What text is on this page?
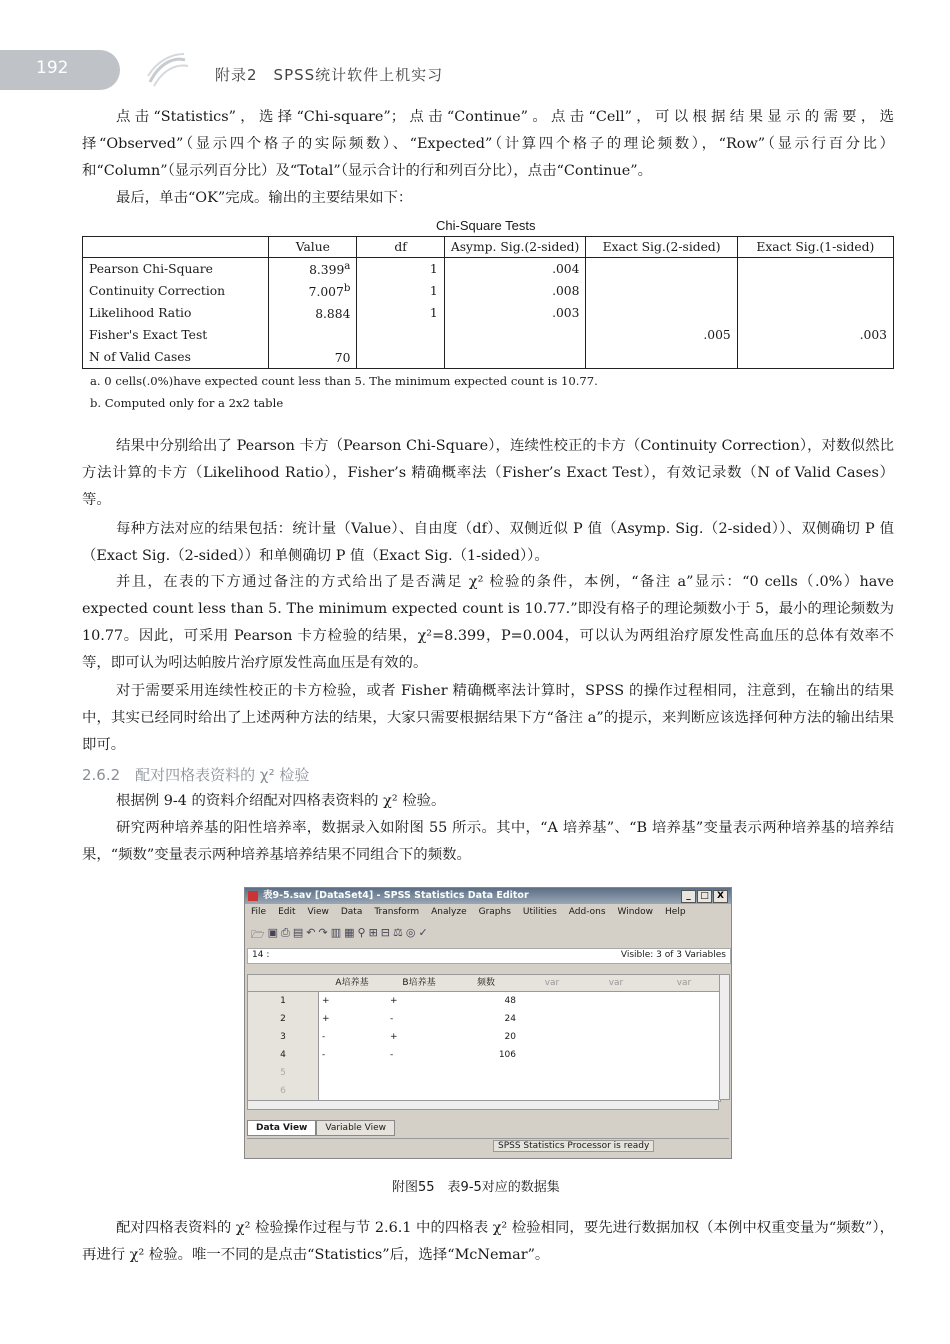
192	附录2　SPSS统计软件上机实习
点击“Statistics”，选择“Chi-square”；点击“Continue”。点击“Cell”，可以根据结果显示的需要，选择“Observed”（显示四个格子的实际频数）、“Expected”（计算四个格子的理论频数），“Row”（显示行百分比）和“Column”（显示列百分比）及“Total”（显示合计的行和列百分比），点击“Continue”。
最后，单击“OK”完成。输出的主要结果如下：
Chi-Square Tests
	Value	df	Asymp. Sig.(2-sided)	Exact Sig.(2-sided)	Exact Sig.(1-sided)
Pearson Chi-Square	8.399$^a$	1	.004		
Continuity Correction	7.007$^b$	1	.008		
Likelihood Ratio	8.884	1	.003		
Fisher's Exact Test				.005	.003
N of Valid Cases	70				
a. 0 cells(.0%)have expected count less than 5. The minimum expected count is 10.77.
b. Computed only for a 2x2 table
结果中分别给出了 Pearson 卡方（Pearson Chi-Square），连续性校正的卡方（Continuity Correction），对数似然比方法计算的卡方（Likelihood Ratio），Fisher’s 精确概率法（Fisher’s Exact Test），有效记录数（N of Valid Cases）等。
每种方法对应的结果包括：统计量（Value）、自由度（df）、双侧近似 P 值（Asymp. Sig.（2-sided））、双侧确切 P 值（Exact Sig.（2-sided））和单侧确切 P 值（Exact Sig.（1-sided））。
并且，在表的下方通过备注的方式给出了是否满足 χ² 检验的条件，本例，“备注 a”显示：“0 cells（.0%）have expected count less than 5. The minimum expected count is 10.77.”即没有格子的理论频数小于 5，最小的理论频数为 10.77。因此，可采用 Pearson 卡方检验的结果，χ²=8.399，P=0.004，可以认为两组治疗原发性高血压的总体有效率不等，即可认为吲达帕胺片治疗原发性高血压是有效的。
对于需要采用连续性校正的卡方检验，或者 Fisher 精确概率法计算时，SPSS 的操作过程相同，注意到，在输出的结果中，其实已经同时给出了上述两种方法的结果，大家只需要根据结果下方“备注 a”的提示，来判断应该选择何种方法的输出结果即可。
2.6.2　配对四格表资料的 χ² 检验
根据例 9-4 的资料介绍配对四格表资料的 χ² 检验。
研究两种培养基的阳性培养率，数据录入如附图 55 所示。其中，“A 培养基”、“B 培养基”变量表示两种培养基的培养结果，“频数”变量表示两种培养基培养结果不同组合下的频数。
表9-5.sav [DataSet4] - SPSS Statistics Data Editor	_	□ X
File Edit View Data Transform Analyze Graphs Utilities Add-ons Window Help
🗁 ▣ ⎙ ▤ ↶ ↷ ▥ ▦ ⚲ ⊞ ⊟ ⚖ ◎ ✓
14 :	Visible: 3 of 3 Variables
A培养基	B培养基	频数	var	var	var
1
2
3
4
5
6
+	+	48
+	-	24
-	+	20
-	-	106
Data View	Variable View
SPSS Statistics Processor is ready
附图55　表9-5对应的数据集
配对四格表资料的 χ² 检验操作过程与节 2.6.1 中的四格表 χ² 检验相同，要先进行数据加权（本例中权重变量为“频数”），再进行 χ² 检验。唯一不同的是点击“Statistics”后，选择“McNemar”。
